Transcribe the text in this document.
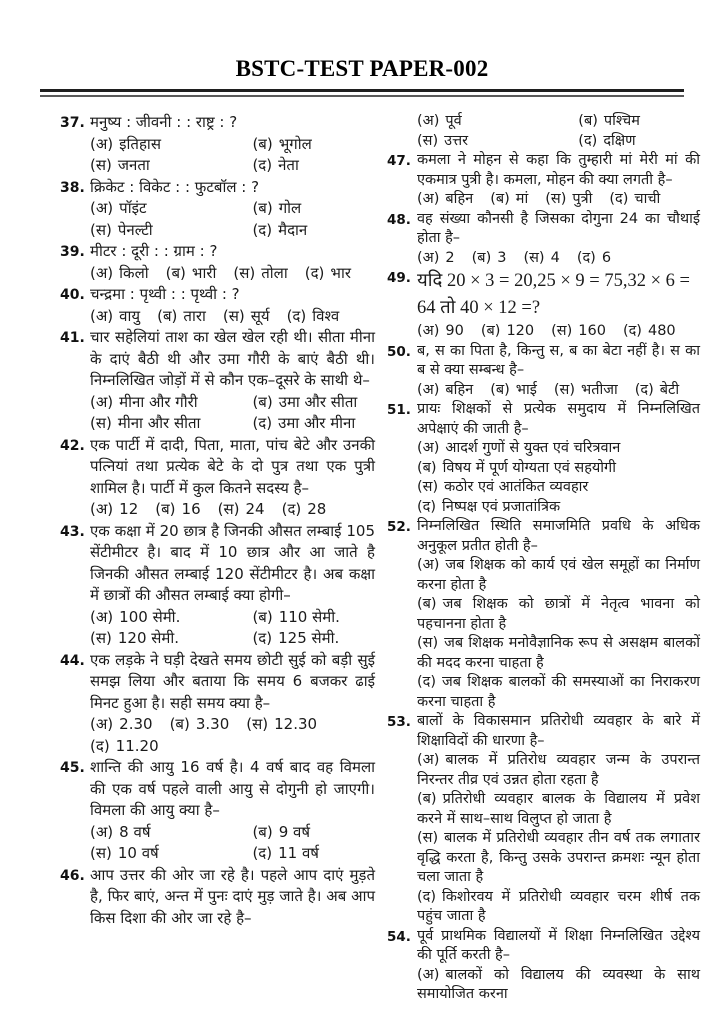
BSTC-TEST PAPER-002
37. मनुष्य : जीवनी : : राष्ट्र : ?
(अ) इतिहास	(ब) भूगोल
(स) जनता	(द) नेता
38. क्रिकेट : विकेट : : फुटबॉल : ?
(अ) पॉइंट	(ब) गोल
(स) पेनल्टी	(द) मैदान
39. मीटर : दूरी : : ग्राम : ?
(अ) किलो (ब) भारी (स) तोला (द) भार
40. चन्द्रमा : पृथ्वी : : पृथ्वी : ?
(अ) वायु (ब) तारा (स) सूर्य (द) विश्व
41. चार सहेलियां ताश का खेल खेल रही थी। सीता मीना के दाएं बैठी थी और उमा गौरी के बाएं बैठी थी। निम्नलिखित जोड़ों में से कौन एक–दूसरे के साथी थे–
(अ) मीना और गौरी	(ब) उमा और सीता
(स) मीना और सीता	(द) उमा और मीना
42. एक पार्टी में दादी, पिता, माता, पांच बेटे और उनकी पत्नियां तथा प्रत्येक बेटे के दो पुत्र तथा एक पुत्री शामिल है। पार्टी में कुल कितने सदस्य है–
(अ) 12 (ब) 16 (स) 24 (द) 28
43. एक कक्षा में 20 छात्र है जिनकी औसत लम्बाई 105 सेंटीमीटर है। बाद में 10 छात्र और आ जाते है जिनकी औसत लम्बाई 120 सेंटीमीटर है। अब कक्षा में छात्रों की औसत लम्बाई क्या होगी–
(अ) 100 सेमी.	(ब) 110 सेमी.
(स) 120 सेमी.	(द) 125 सेमी.
44. एक लड़के ने घड़ी देखते समय छोटी सुई को बड़ी सुई समझ लिया और बताया कि समय 6 बजकर ढाई मिनट हुआ है। सही समय क्या है–
(अ) 2.30 (ब) 3.30 (स) 12.30
(द) 11.20
45. शान्ति की आयु 16 वर्ष है। 4 वर्ष बाद वह विमला की एक वर्ष पहले वाली आयु से दोगुनी हो जाएगी। विमला की आयु क्या है–
(अ) 8 वर्ष	(ब) 9 वर्ष
(स) 10 वर्ष	(द) 11 वर्ष
46. आप उत्तर की ओर जा रहे है। पहले आप दाएं मुड़ते है, फिर बाएं, अन्त में पुनः दाएं मुड़ जाते है। अब आप किस दिशा की ओर जा रहे है–
(अ) पूर्व	(ब) पश्चिम
(स) उत्तर	(द) दक्षिण
47. कमला ने मोहन से कहा कि तुम्हारी मां मेरी मां की एकमात्र पुत्री है। कमला, मोहन की क्या लगती है–
(अ) बहिन (ब) मां (स) पुत्री (द) चाची
48. वह संख्या कौनसी है जिसका दोगुना 24 का चौथाई होता है–
(अ) 2 (ब) 3 (स) 4 (द) 6
49. यदि 20 × 3 = 20,25 × 9 = 75,32 × 6 = 64 तो 40 × 12 =?
(अ) 90 (ब) 120 (स) 160 (द) 480
50. ब, स का पिता है, किन्तु स, ब का बेटा नहीं है। स का ब से क्या सम्बन्ध है–
(अ) बहिन (ब) भाई (स) भतीजा (द) बेटी
51. प्रायः शिक्षकों से प्रत्येक समुदाय में निम्नलिखित अपेक्षाएं की जाती है–
(अ) आदर्श गुणों से युक्त एवं चरित्रवान
(ब) विषय में पूर्ण योग्यता एवं सहयोगी
(स) कठोर एवं आतंकित व्यवहार
(द) निष्पक्ष एवं प्रजातांत्रिक
52. निम्नलिखित स्थिति समाजमिति प्रवधि के अधिक अनुकूल प्रतीत होती है–
(अ) जब शिक्षक को कार्य एवं खेल समूहों का निर्माण करना होता है
(ब) जब शिक्षक को छात्रों में नेतृत्व भावना को पहचानना होता है
(स) जब शिक्षक मनोवैज्ञानिक रूप से असक्षम बालकों की मदद करना चाहता है
(द) जब शिक्षक बालकों की समस्याओं का निराकरण करना चाहता है
53. बालों के विकासमान प्रतिरोधी व्यवहार के बारे में शिक्षाविदों की धारणा है–
(अ) बालक में प्रतिरोध व्यवहार जन्म के उपरान्त निरन्तर तीव्र एवं उन्नत होता रहता है
(ब) प्रतिरोधी व्यवहार बालक के विद्यालय में प्रवेश करने में साथ–साथ विलुप्त हो जाता है
(स) बालक में प्रतिरोधी व्यवहार तीन वर्ष तक लगातार वृद्धि करता है, किन्तु उसके उपरान्त क्रमशः न्यून होता चला जाता है
(द) किशोरवय में प्रतिरोधी व्यवहार चरम शीर्ष तक पहुंच जाता है
54. पूर्व प्राथमिक विद्यालयों में शिक्षा निम्नलिखित उद्देश्य की पूर्ति करती है–
(अ) बालकों को विद्यालय की व्यवस्था के साथ समायोजित करना
